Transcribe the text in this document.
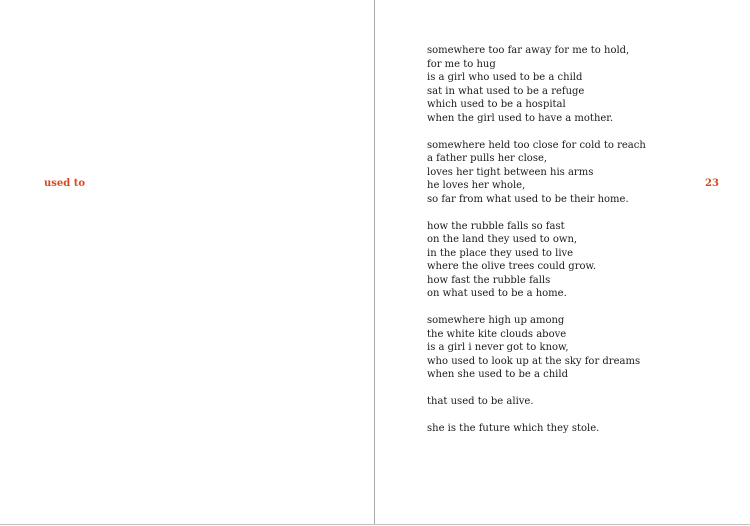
used to
somewhere too far away for me to hold,
for me to hug
is a girl who used to be a child
sat in what used to be a refuge
which used to be a hospital
when the girl used to have a mother.
somewhere held too close for cold to reach
a father pulls her close,
loves her tight between his arms
he loves her whole,
so far from what used to be their home.
how the rubble falls so fast
on the land they used to own,
in the place they used to live
where the olive trees could grow.
how fast the rubble falls
on what used to be a home.
somewhere high up among
the white kite clouds above
is a girl i never got to know,
who used to look up at the sky for dreams
when she used to be a child
that used to be alive.
she is the future which they stole.
23
